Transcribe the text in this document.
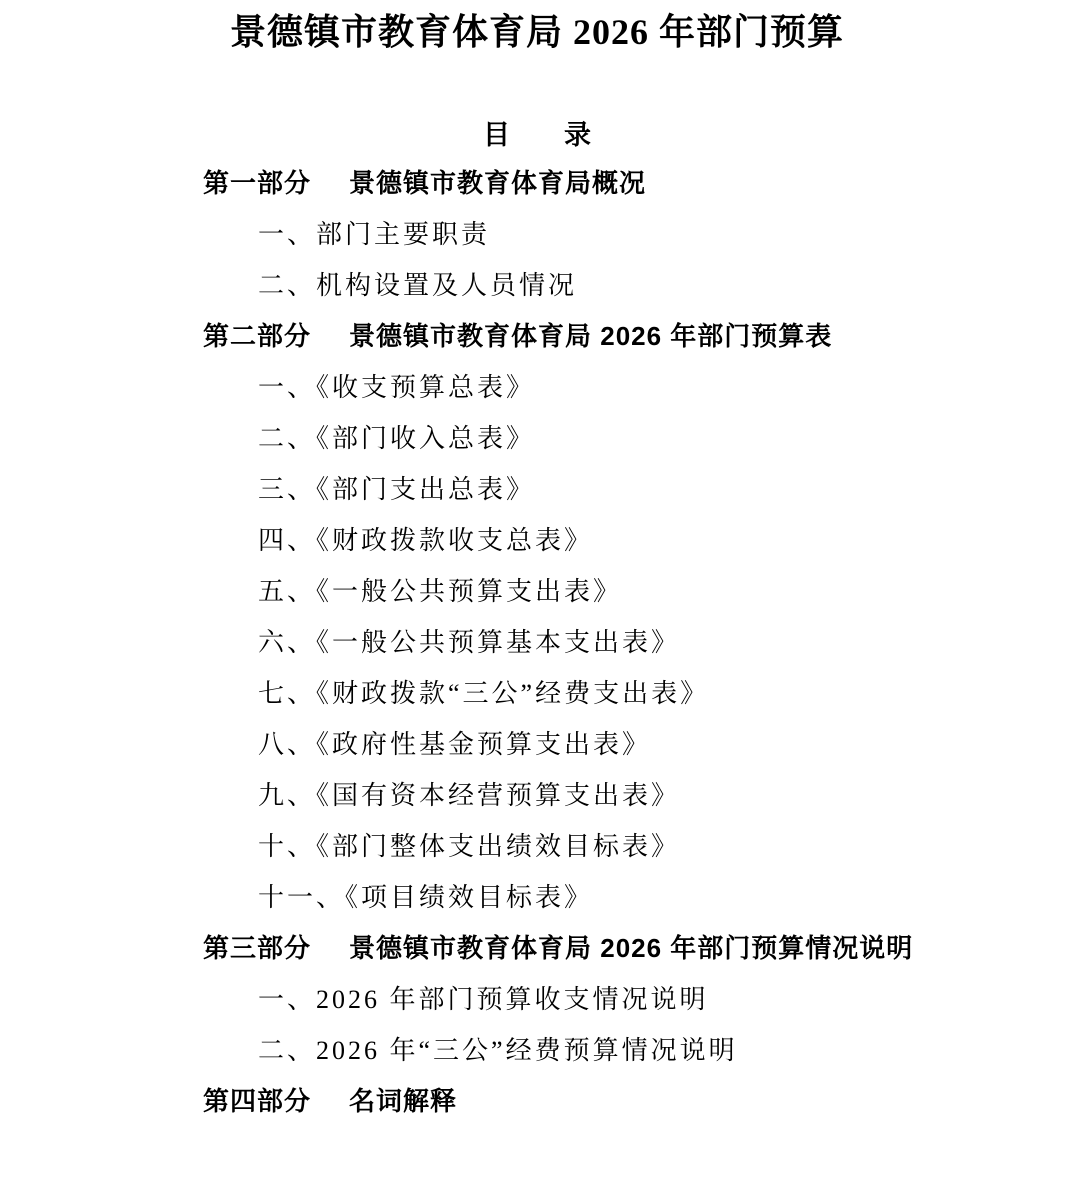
景德镇市教育体育局 2026 年部门预算
目　　录
第一部分 景德镇市教育体育局概况
一、部门主要职责
二、机构设置及人员情况
第二部分 景德镇市教育体育局 2026 年部门预算表
一、《收支预算总表》
二、《部门收入总表》
三、《部门支出总表》
四、《财政拨款收支总表》
五、《一般公共预算支出表》
六、《一般公共预算基本支出表》
七、《财政拨款“三公”经费支出表》
八、《政府性基金预算支出表》
九、《国有资本经营预算支出表》
十、《部门整体支出绩效目标表》
十一、《项目绩效目标表》
第三部分 景德镇市教育体育局 2026 年部门预算情况说明
一、2026 年部门预算收支情况说明
二、2026 年“三公”经费预算情况说明
第四部分 名词解释
